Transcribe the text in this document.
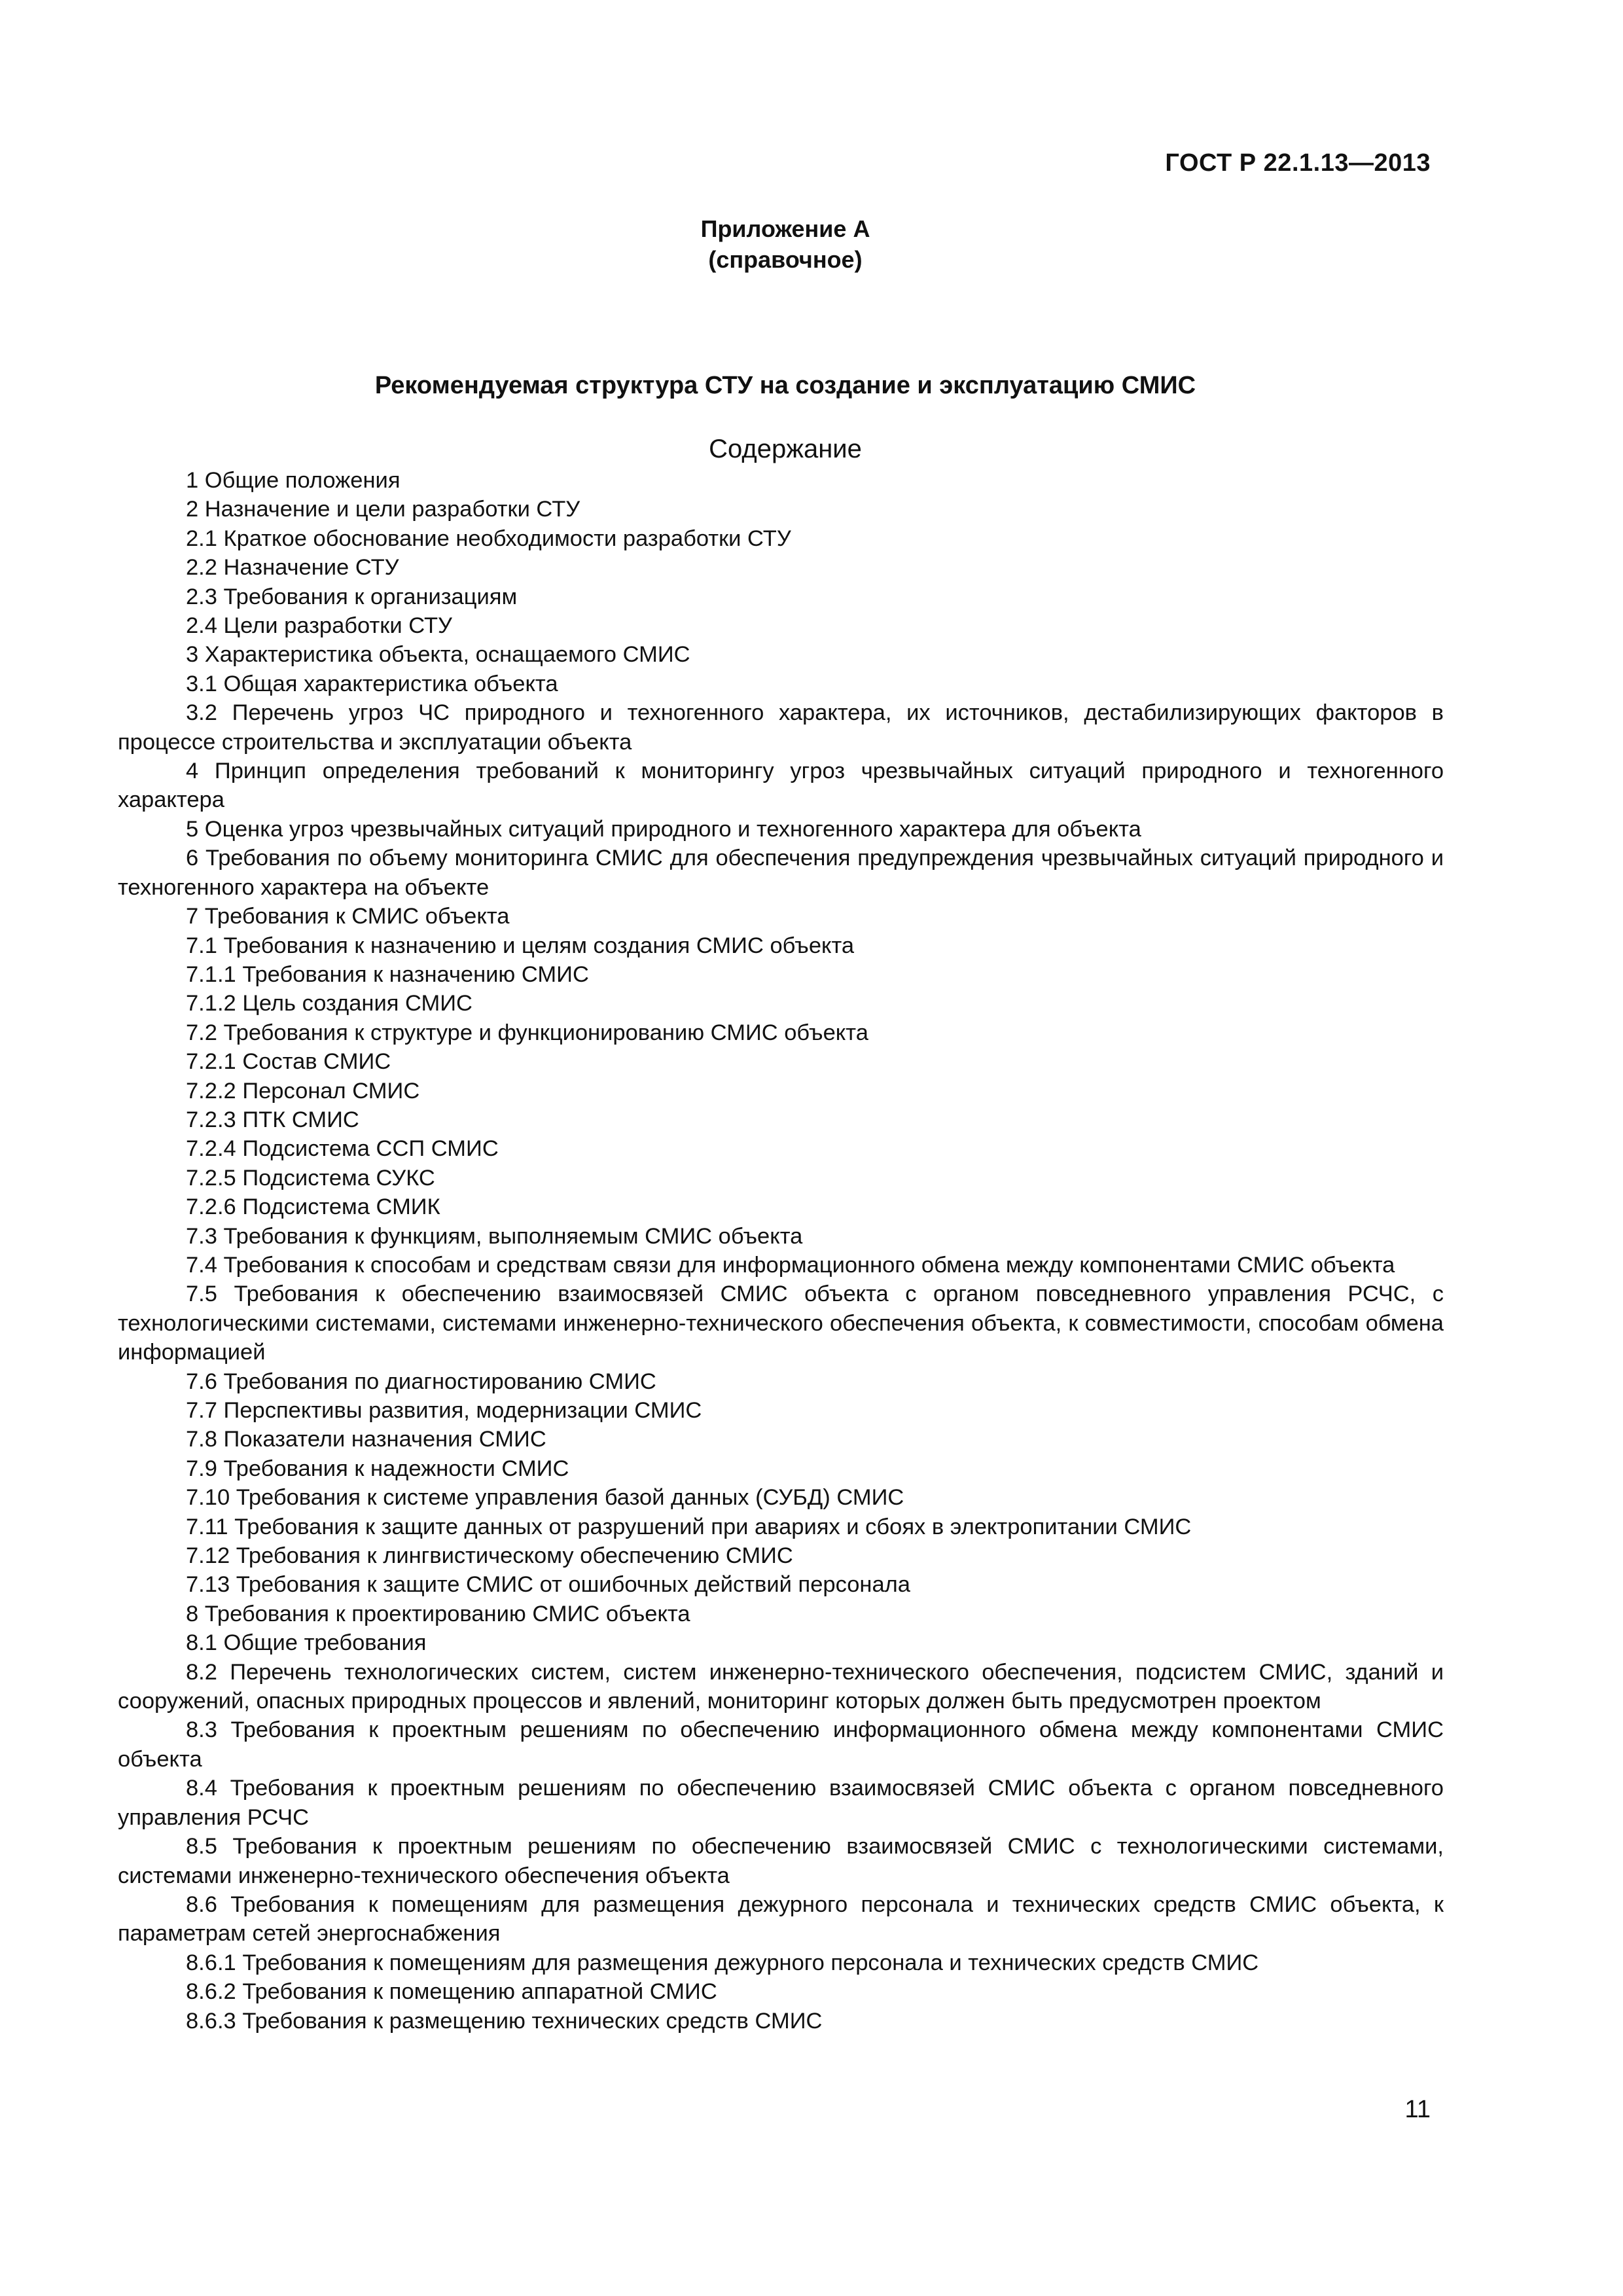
ГОСТ Р 22.1.13—2013
Приложение А
(справочное)
Рекомендуемая структура СТУ на создание и эксплуатацию СМИС
Содержание
1 Общие положения
2 Назначение и цели разработки СТУ
2.1 Краткое обоснование необходимости разработки СТУ
2.2 Назначение СТУ
2.3 Требования к организациям
2.4 Цели разработки СТУ
3 Характеристика объекта, оснащаемого СМИС
3.1 Общая характеристика объекта
3.2 Перечень угроз ЧС природного и техногенного характера, их источников, дестабилизирующих факторов в процессе строительства и эксплуатации объекта
4 Принцип определения требований к мониторингу угроз чрезвычайных ситуаций природного и техногенного характера
5 Оценка угроз чрезвычайных ситуаций природного и техногенного характера для объекта
6 Требования по объему мониторинга СМИС для обеспечения предупреждения чрезвычайных ситуаций природного и техногенного характера на объекте
7 Требования к СМИС объекта
7.1 Требования к назначению и целям создания СМИС объекта
7.1.1 Требования к назначению СМИС
7.1.2 Цель создания СМИС
7.2 Требования к структуре и функционированию СМИС объекта
7.2.1 Состав СМИС
7.2.2 Персонал СМИС
7.2.3 ПТК СМИС
7.2.4 Подсистема ССП СМИС
7.2.5 Подсистема СУКС
7.2.6 Подсистема СМИК
7.3 Требования к функциям, выполняемым СМИС объекта
7.4 Требования к способам и средствам связи для информационного обмена между компонентами СМИС объекта
7.5 Требования к обеспечению взаимосвязей СМИС объекта с органом повседневного управления РСЧС, с технологическими системами, системами инженерно-технического обеспечения объекта, к совместимости, способам обмена информацией
7.6 Требования по диагностированию СМИС
7.7 Перспективы развития, модернизации СМИС
7.8 Показатели назначения СМИС
7.9 Требования к надежности СМИС
7.10 Требования к системе управления базой данных (СУБД) СМИС
7.11 Требования к защите данных от разрушений при авариях и сбоях в электропитании СМИС
7.12 Требования к лингвистическому обеспечению СМИС
7.13 Требования к защите СМИС от ошибочных действий персонала
8 Требования к проектированию СМИС объекта
8.1 Общие требования
8.2 Перечень технологических систем, систем инженерно-технического обеспечения, подсистем СМИС, зданий и сооружений, опасных природных процессов и явлений, мониторинг которых должен быть предусмотрен проектом
8.3 Требования к проектным решениям по обеспечению информационного обмена между компонентами СМИС объекта
8.4 Требования к проектным решениям по обеспечению взаимосвязей СМИС объекта с органом повседневного управления РСЧС
8.5 Требования к проектным решениям по обеспечению взаимосвязей СМИС с технологическими системами, системами инженерно-технического обеспечения объекта
8.6 Требования к помещениям для размещения дежурного персонала и технических средств СМИС объекта, к параметрам сетей энергоснабжения
8.6.1 Требования к помещениям для размещения дежурного персонала и технических средств СМИС
8.6.2 Требования к помещению аппаратной СМИС
8.6.3 Требования к размещению технических средств СМИС
11
